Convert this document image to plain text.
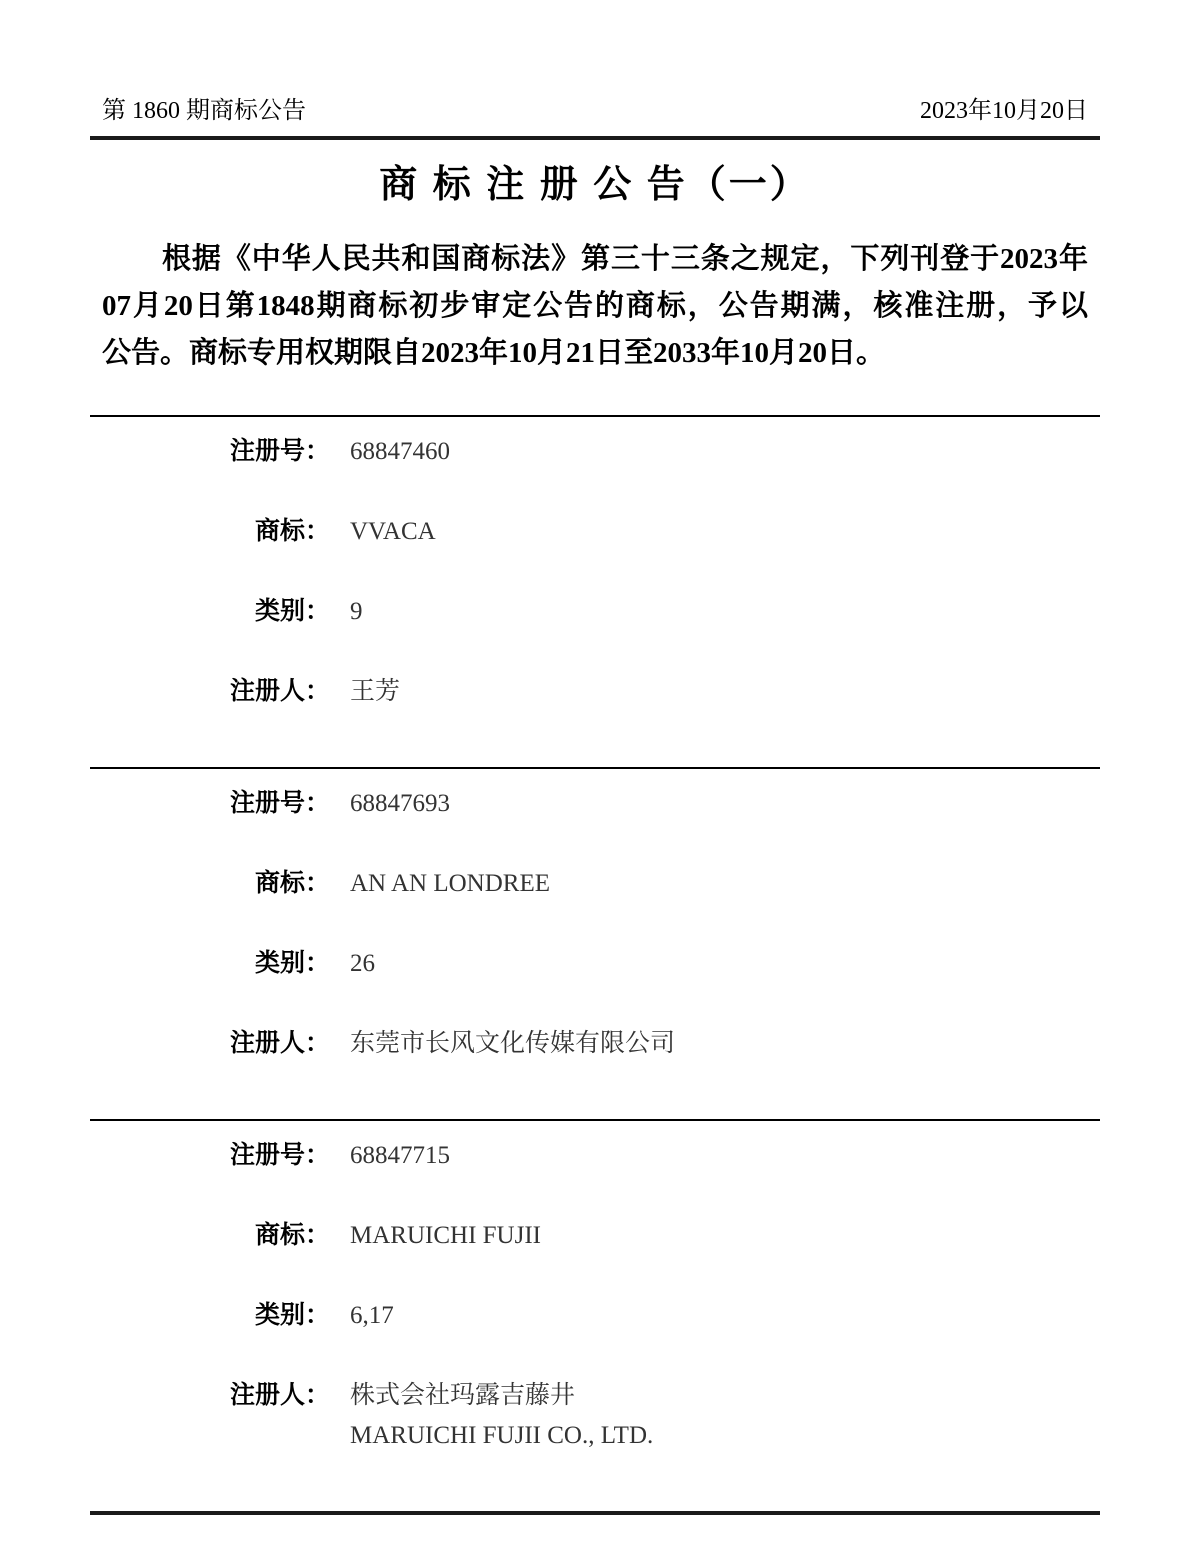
第 1860 期商标公告	2023年10月20日
商 标 注 册 公 告（一）
根据《中华人民共和国商标法》第三十三条之规定，下列刊登于2023年
07月20日第1848期商标初步审定公告的商标，公告期满，核准注册，予以
公告。商标专用权期限自2023年10月21日至2033年10月20日。
注册号： 68847460
商标： VVACA
类别： 9
注册人： 王芳
注册号： 68847693
商标： AN AN LONDREE
类别： 26
注册人： 东莞市长风文化传媒有限公司
注册号： 68847715
商标： MARUICHI FUJII
类别： 6,17
注册人： 株式会社玛露吉藤井
MARUICHI FUJII CO., LTD.
